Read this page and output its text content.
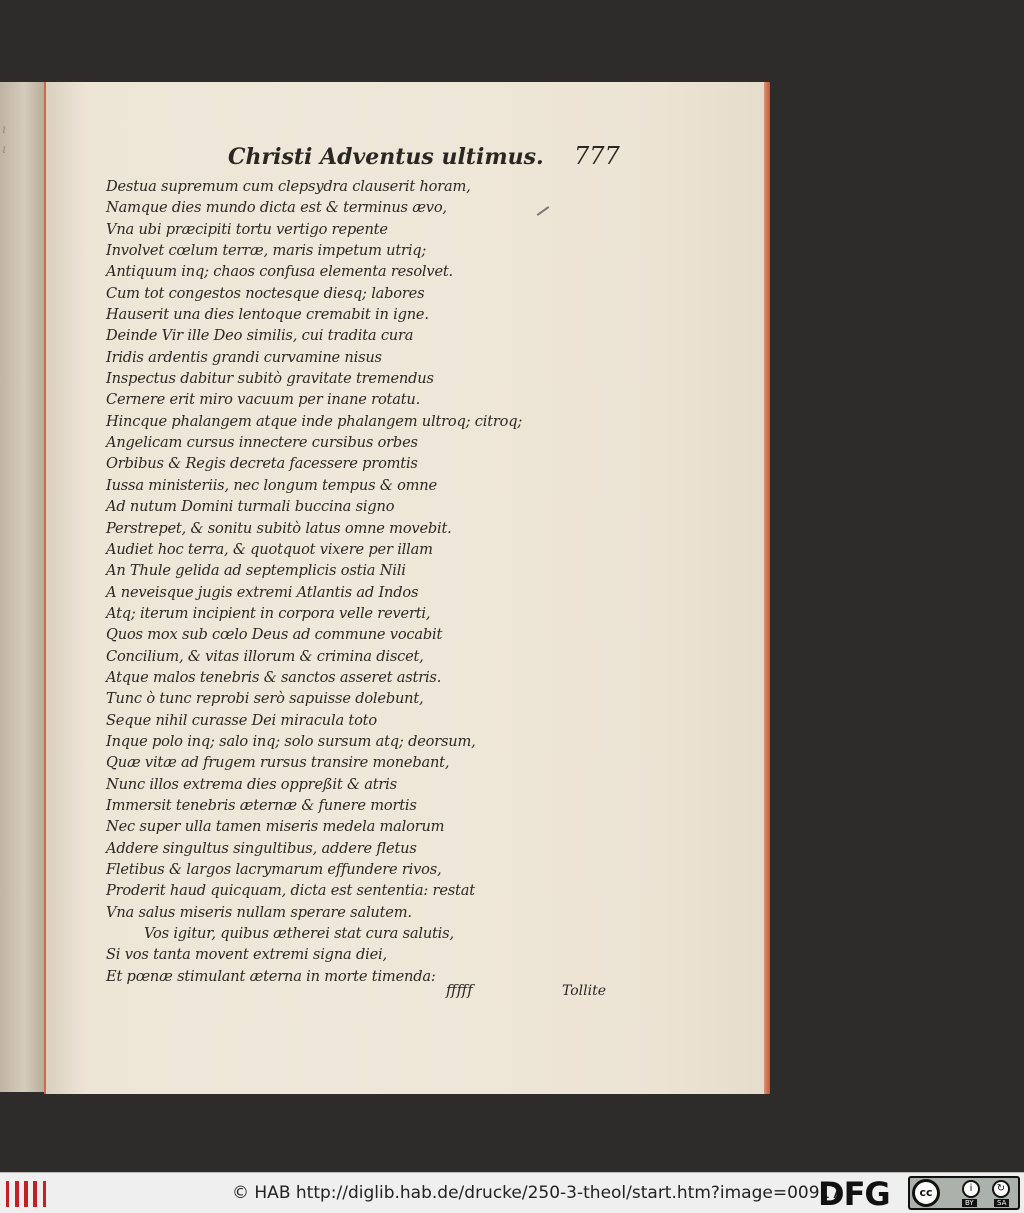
ı
ı	Christi Adventus ultimus. 777
Destua supremum cum clepsydra clauserit horam,
Namque dies mundo dicta est & terminus ævo,
Vna ubi præcipiti tortu vertigo repente
Involvet cœlum terræ, maris impetum utriq;
Antiquum inq; chaos confusa elementa resolvet.
Cum tot congestos noctesque diesq; labores
Hauserit una dies lentoque cremabit in igne.
Deinde Vir ille Deo similis, cui tradita cura
Iridis ardentis grandi curvamine nisus
Inspectus dabitur subitò gravitate tremendus
Cernere erit miro vacuum per inane rotatu.
Hincque phalangem atque inde phalangem ultroq; citroq;
Angelicam cursus innectere cursibus orbes
Orbibus & Regis decreta facessere promtis
Iussa ministeriis, nec longum tempus & omne
Ad nutum Domini turmali buccina signo
Perstrepet, & sonitu subitò latus omne movebit.
Audiet hoc terra, & quotquot vixere per illam
An Thule gelida ad septemplicis ostia Nili
A neveisque jugis extremi Atlantis ad Indos
Atq; iterum incipient in corpora velle reverti,
Quos mox sub cœlo Deus ad commune vocabit
Concilium, & vitas illorum & crimina discet,
Atque malos tenebris & sanctos asseret astris.
Tunc ò tunc reprobi serò sapuisse dolebunt,
Seque nihil curasse Dei miracula toto
Inque polo inq; salo inq; solo sursum atq; deorsum,
Quæ vitæ ad frugem rursus transire monebant,
Nunc illos extrema dies oppreßit & atris
Immersit tenebris æternæ & funere mortis
Nec super ulla tamen miseris medela malorum
Addere singultus singultibus, addere fletus
Fletibus & largos lacrymarum effundere rivos,
Proderit haud quicquam, dicta est sententia: restat
Vna salus miseris nullam sperare salutem.
Vos igitur, quibus ætherei stat cura salutis,
Si vos tanta movent extremi signa diei,
Et pœnæ stimulant æterna in morte timenda:
fffff	Tollite
© HAB http://diglib.hab.de/drucke/250-3-theol/start.htm?image=00917
DFG	cc	i	↻
BY	SA
